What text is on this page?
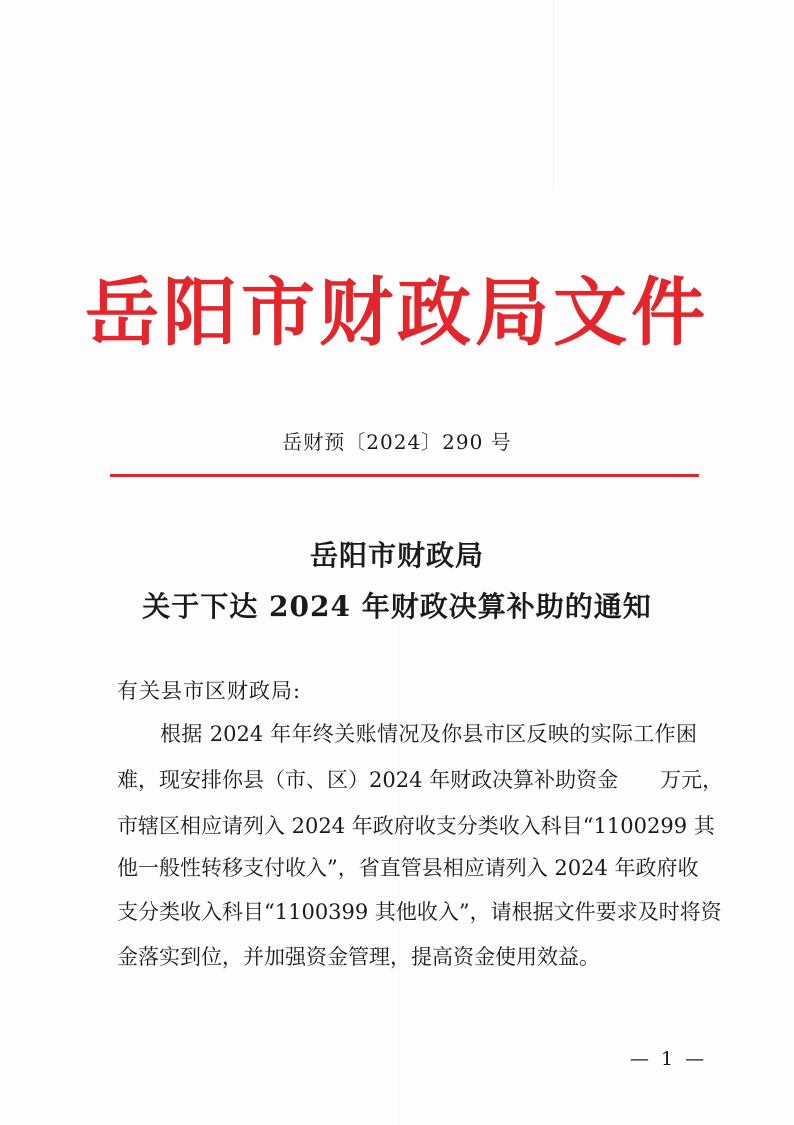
岳阳市财政局文件
岳财预〔2024〕290 号
岳阳市财政局
关于下达 2024 年财政决算补助的通知
有关县市区财政局:
根据 2024 年年终关账情况及你县市区反映的实际工作困
难，现安排你县（市、区）2024 年财政决算补助资金　　万元，
市辖区相应请列入 2024 年政府收支分类收入科目“1100299 其
他一般性转移支付收入”，省直管县相应请列入 2024 年政府收
支分类收入科目“1100399 其他收入”，请根据文件要求及时将资
金落实到位，并加强资金管理，提高资金使用效益。
— 1 —
